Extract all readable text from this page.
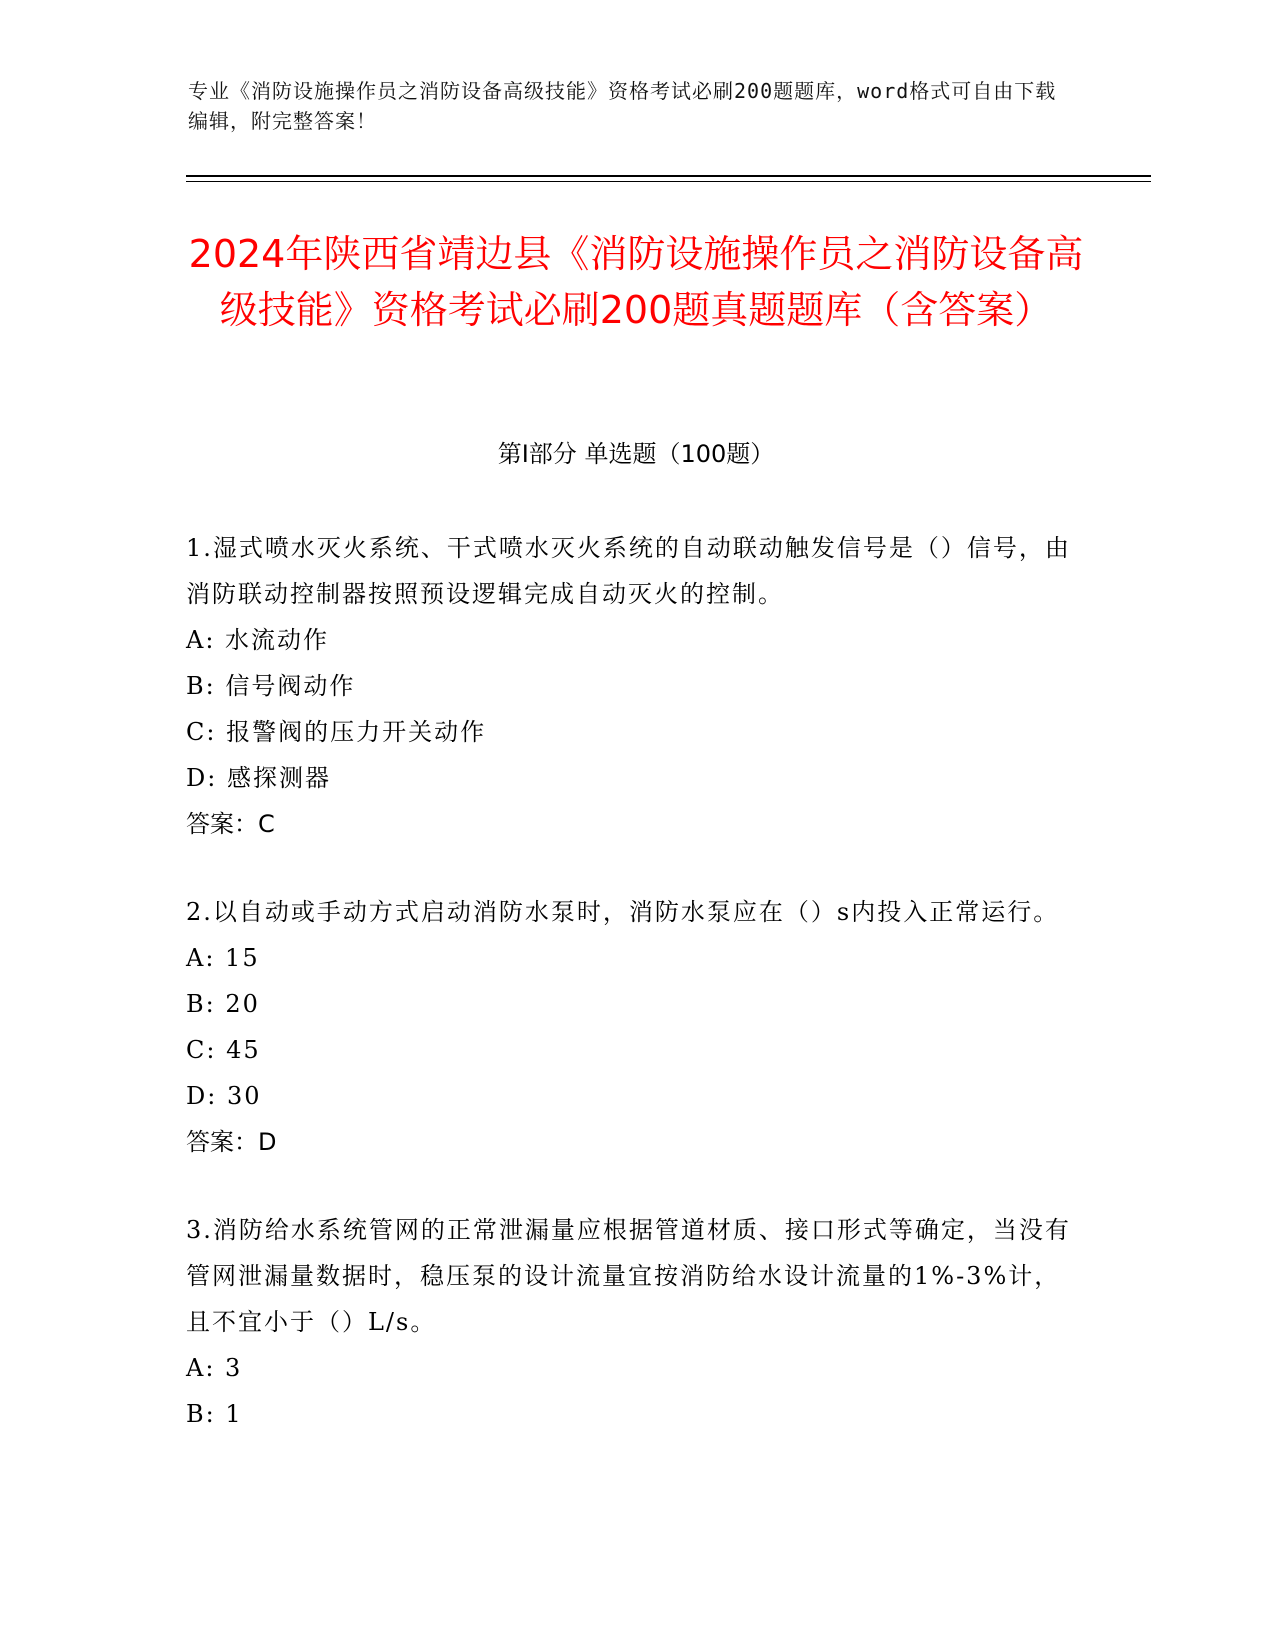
专业《消防设施操作员之消防设备高级技能》资格考试必刷200题题库，word格式可自由下载编辑，附完整答案！
2024年陕西省靖边县《消防设施操作员之消防设备高级技能》资格考试必刷200题真题题库（含答案）
第Ⅰ部分 单选题（100题）

1.湿式喷水灭火系统、干式喷水灭火系统的自动联动触发信号是（）信号，由消防联动控制器按照预设逻辑完成自动灭火的控制。

A: 水流动作

B: 信号阀动作

C: 报警阀的压力开关动作

D: 感探测器

答案：C

2.以自动或手动方式启动消防水泵时，消防水泵应在（）s内投入正常运行。

A: 15

B: 20

C: 45

D: 30

答案：D

3.消防给水系统管网的正常泄漏量应根据管道材质、接口形式等确定，当没有管网泄漏量数据时，稳压泵的设计流量宜按消防给水设计流量的1%-3%计，且不宜小于（）L/s。

A: 3

B: 1
